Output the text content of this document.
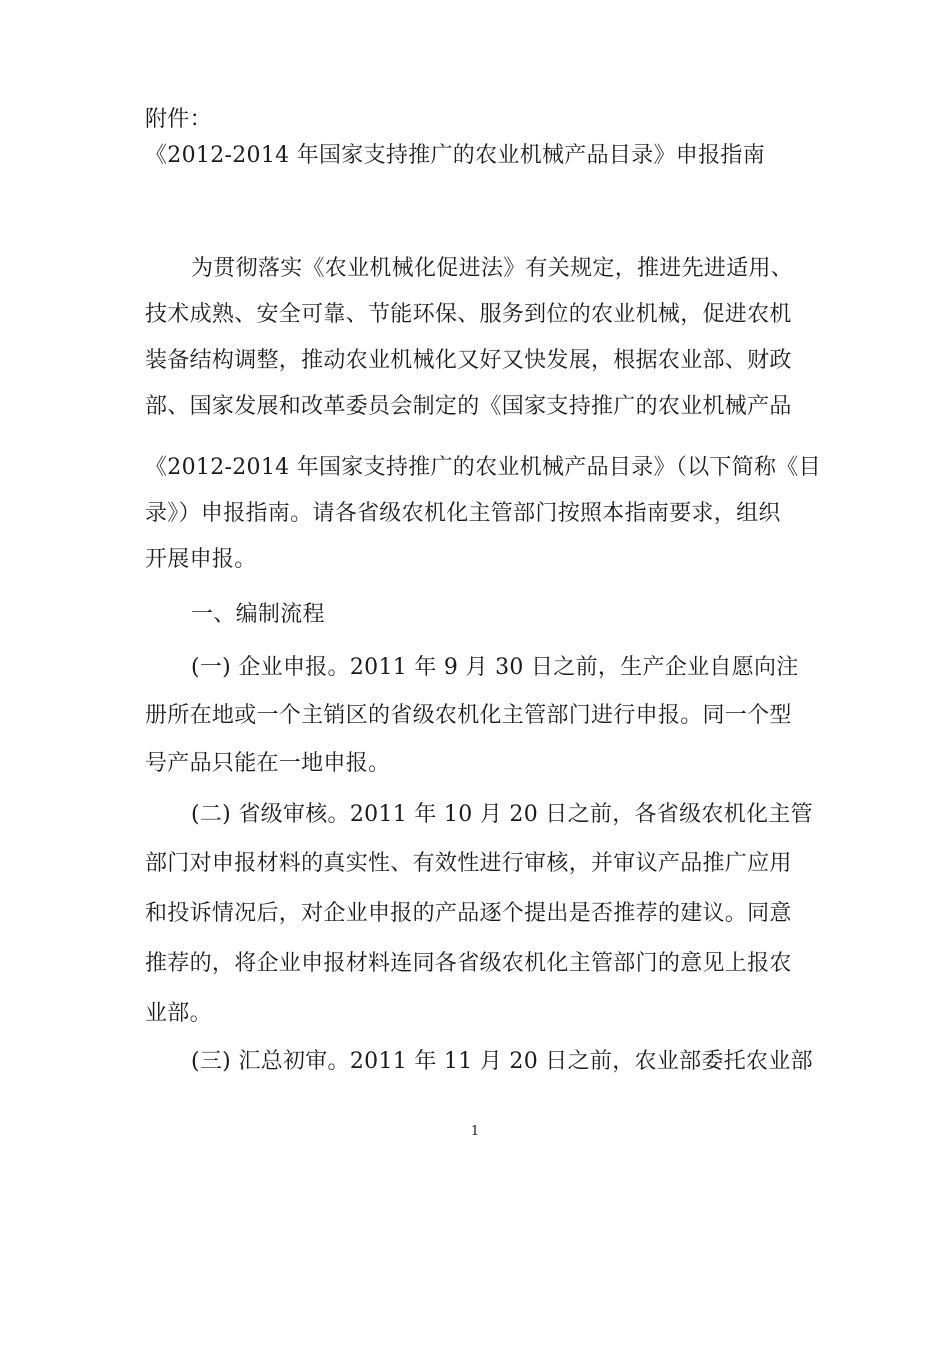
附件：
《2012-2014 年国家支持推广的农业机械产品目录》申报指南
为贯彻落实《农业机械化促进法》有关规定，推进先进适用、
技术成熟、安全可靠、节能环保、服务到位的农业机械，促进农机
装备结构调整，推动农业机械化又好又快发展，根据农业部、财政
部、国家发展和改革委员会制定的《国家支持推广的农业机械产品
《2012-2014 年国家支持推广的农业机械产品目录》（以下简称《目
录》）申报指南。请各省级农机化主管部门按照本指南要求，组织
开展申报。
一、编制流程
(一) 企业申报。2011 年 9 月 30 日之前，生产企业自愿向注
册所在地或一个主销区的省级农机化主管部门进行申报。同一个型
号产品只能在一地申报。
(二) 省级审核。2011 年 10 月 20 日之前，各省级农机化主管
部门对申报材料的真实性、有效性进行审核，并审议产品推广应用
和投诉情况后，对企业申报的产品逐个提出是否推荐的建议。同意
推荐的，将企业申报材料连同各省级农机化主管部门的意见上报农
业部。
(三) 汇总初审。2011 年 11 月 20 日之前，农业部委托农业部
1
